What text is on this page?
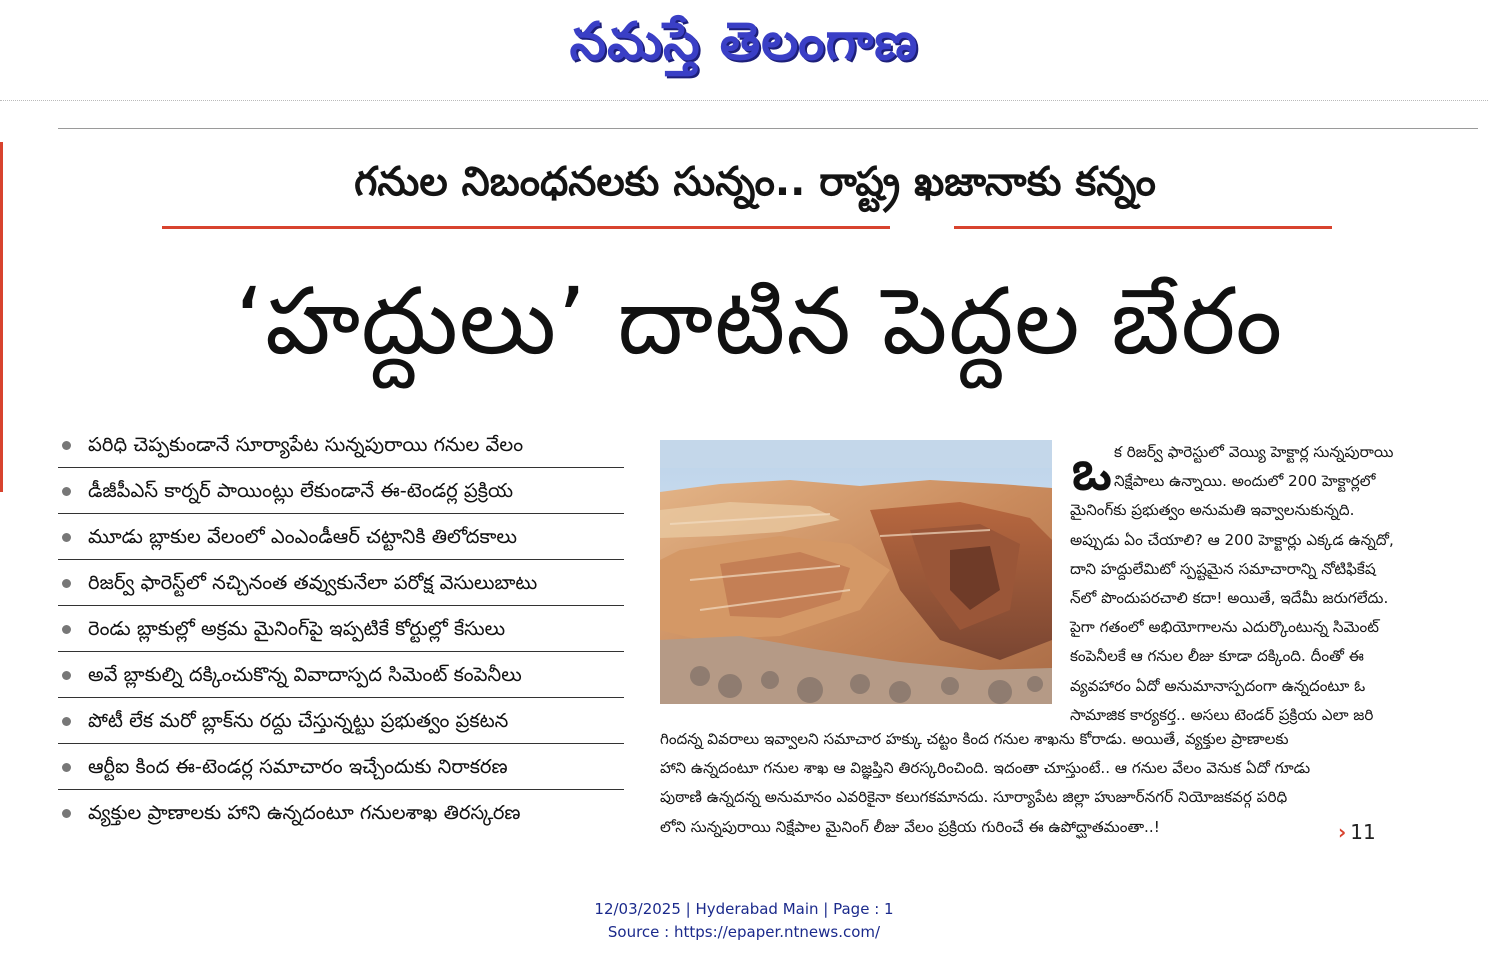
నమస్తే తెలంగాణ
గనుల నిబంధనలకు సున్నం.. రాష్ట్ర ఖజానాకు కన్నం
‘హద్దులు’ దాటిన పెద్దల బేరం
పరిధి చెప్పకుండానే సూర్యాపేట సున్నపురాయి గనుల వేలం
డీజీపీఎస్ కార్నర్ పాయింట్లు లేకుండానే ఈ-టెండర్ల ప్రక్రియ
మూడు బ్లాకుల వేలంలో ఎంఎండీఆర్ చట్టానికి తిలోదకాలు
రిజర్వ్ ఫారెస్ట్‌లో నచ్చినంత తవ్వుకునేలా పరోక్ష వెసులుబాటు
రెండు బ్లాకుల్లో అక్రమ మైనింగ్‌పై ఇప్పటికే కోర్టుల్లో కేసులు
అవే బ్లాకుల్ని దక్కించుకొన్న వివాదాస్పద సిమెంట్ కంపెనీలు
పోటీ లేక మరో బ్లాక్‌ను రద్దు చేస్తున్నట్టు ప్రభుత్వం ప్రకటన
ఆర్టీఐ కింద ఈ-టెండర్ల సమాచారం ఇచ్చేందుకు నిరాకరణ
వ్యక్తుల ప్రాణాలకు హాని ఉన్నదంటూ గనులశాఖ తిరస్కరణ
ఒ క రిజర్వ్ ఫారెస్టులో వెయ్యి హెక్టార్ల సున్నపురాయి
నిక్షేపాలు ఉన్నాయి. అందులో 200 హెక్టార్లలో
మైనింగ్‌కు ప్రభుత్వం అనుమతి ఇవ్వాలనుకున్నది.
అప్పుడు ఏం చేయాలి? ఆ 200 హెక్టార్లు ఎక్కడ ఉన్నదో,
దాని హద్దులేమిటో స్పష్టమైన సమాచారాన్ని నోటిఫికేష
న్‌లో పొందుపరచాలి కదా! అయితే, ఇదేమీ జరుగలేదు.
పైగా గతంలో అభియోగాలను ఎదుర్కొంటున్న సిమెంట్
కంపెనీలకే ఆ గనుల లీజు కూడా దక్కింది. దీంతో ఈ
వ్యవహారం ఏదో అనుమానాస్పదంగా ఉన్నదంటూ ఓ
సామాజిక కార్యకర్త.. అసలు టెండర్ ప్రక్రియ ఎలా జరి
గిందన్న వివరాలు ఇవ్వాలని సమాచార హక్కు చట్టం కింద గనుల శాఖను కోరాడు. అయితే, వ్యక్తుల ప్రాణాలకు
హాని ఉన్నదంటూ గనుల శాఖ ఆ విజ్ఞప్తిని తిరస్కరించింది. ఇదంతా చూస్తుంటే.. ఆ గనుల వేలం వెనుక ఏదో గూడు
పుఠాణి ఉన్నదన్న అనుమానం ఎవరికైనా కలుగకమానదు. సూర్యాపేట జిల్లా హుజూర్‌నగర్ నియోజకవర్గ పరిధి
లోని సున్నపురాయి నిక్షేపాల మైనింగ్ లీజు వేలం ప్రక్రియ గురించే ఈ ఉపోద్ఘాతమంతా..!	› 11
12/03/2025 | Hyderabad Main | Page : 1
Source : https://epaper.ntnews.com/
